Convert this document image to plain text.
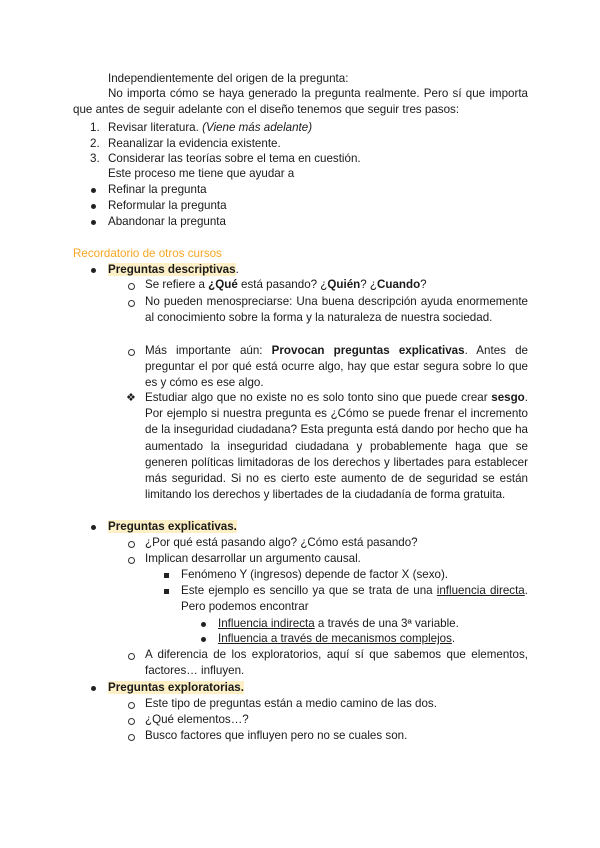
Independientemente del origen de la pregunta:
No importa cómo se haya generado la pregunta realmente. Pero sí que importa que antes de seguir adelante con el diseño tenemos que seguir tres pasos:
1. Revisar literatura. (Viene más adelante)
2. Reanalizar la evidencia existente.
3. Considerar las teorías sobre el tema en cuestión.
Este proceso me tiene que ayudar a
Refinar la pregunta
Reformular la pregunta
Abandonar la pregunta
Recordatorio de otros cursos
Preguntas descriptivas.
Se refiere a ¿Qué está pasando? ¿Quién? ¿Cuando?
No pueden menospreciarse: Una buena descripción ayuda enormemente al conocimiento sobre la forma y la naturaleza de nuestra sociedad.
Más importante aún: Provocan preguntas explicativas. Antes de preguntar el por qué está ocurre algo, hay que estar segura sobre lo que es y cómo es ese algo.
❖ Estudiar algo que no existe no es solo tonto sino que puede crear sesgo. Por ejemplo si nuestra pregunta es ¿Cómo se puede frenar el incremento de la inseguridad ciudadana? Esta pregunta está dando por hecho que ha aumentado la inseguridad ciudadana y probablemente haga que se generen políticas limitadoras de los derechos y libertades para establecer más seguridad. Si no es cierto este aumento de de seguridad se están limitando los derechos y libertades de la ciudadanía de forma gratuita.
Preguntas explicativas.
¿Por qué está pasando algo? ¿Cómo está pasando?
Implican desarrollar un argumento causal.
Fenómeno Y (ingresos) depende de factor X (sexo).
Este ejemplo es sencillo ya que se trata de una influencia directa. Pero podemos encontrar
Influencia indirecta a través de una 3ª variable.
Influencia a través de mecanismos complejos.
A diferencia de los exploratorios, aquí sí que sabemos que elementos, factores… influyen.
Preguntas exploratorias.
Este tipo de preguntas están a medio camino de las dos.
¿Qué elementos…?
Busco factores que influyen pero no se cuales son.
